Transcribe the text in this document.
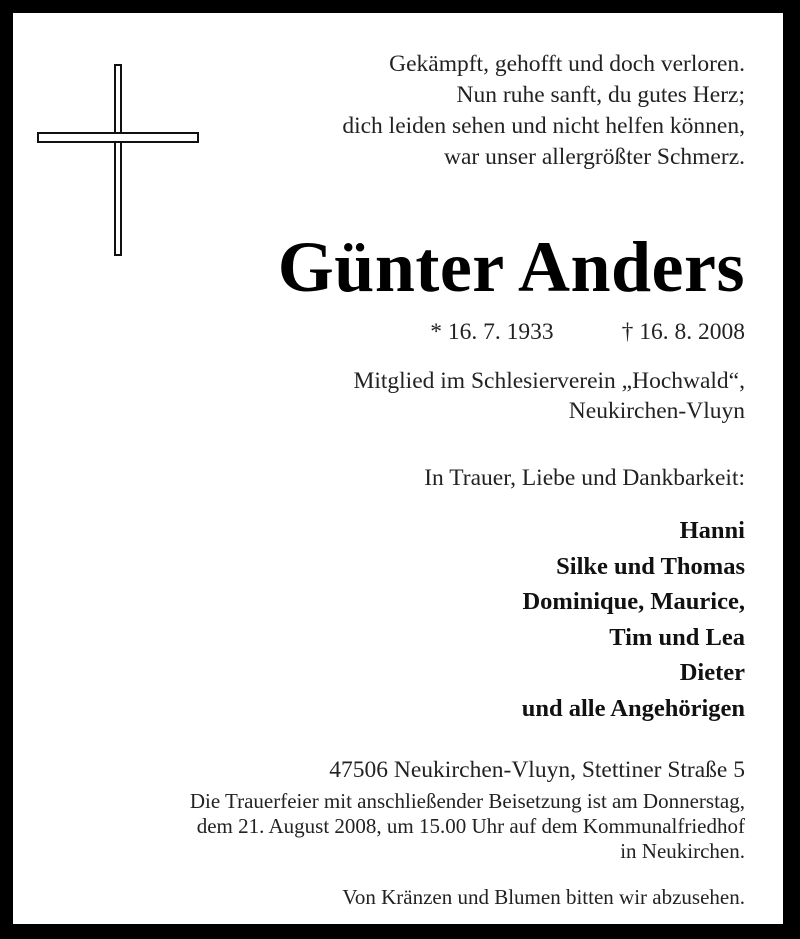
Gekämpft, gehofft und doch verloren.
Nun ruhe sanft, du gutes Herz;
dich leiden sehen und nicht helfen können,
war unser allergrößter Schmerz.
Günter Anders
* 16. 7. 1933	† 16. 8. 2008
Mitglied im Schlesierverein „Hochwald“,
Neukirchen-Vluyn
In Trauer, Liebe und Dankbarkeit:
Hanni
Silke und Thomas
Dominique, Maurice,
Tim und Lea
Dieter
und alle Angehörigen
47506 Neukirchen-Vluyn, Stettiner Straße 5
Die Trauerfeier mit anschließender Beisetzung ist am Donnerstag,
dem 21. August 2008, um 15.00 Uhr auf dem Kommunalfriedhof
in Neukirchen.
Von Kränzen und Blumen bitten wir abzusehen.
